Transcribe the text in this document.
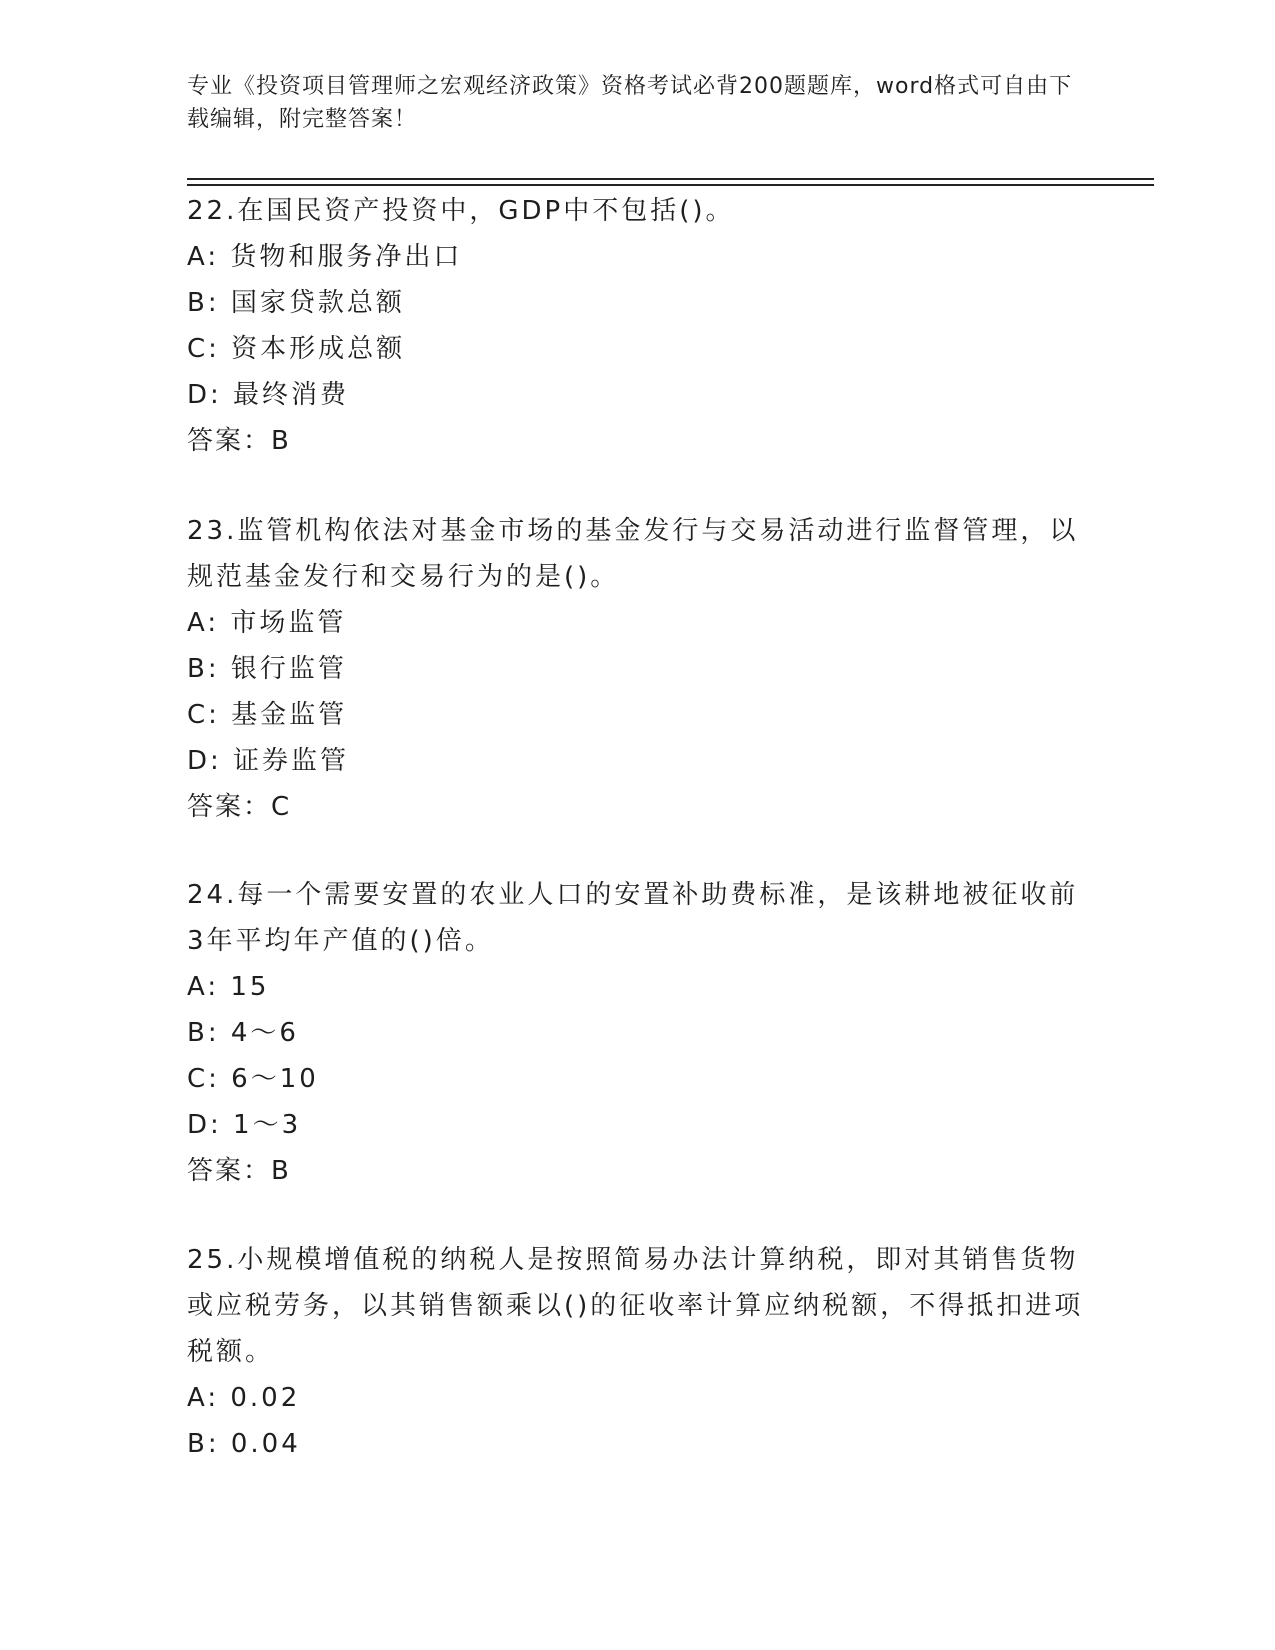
专业《投资项目管理师之宏观经济政策》资格考试必背200题题库，word格式可自由下载编辑，附完整答案！
22.在国民资产投资中，GDP中不包括()。
A: 货物和服务净出口
B: 国家贷款总额
C: 资本形成总额
D: 最终消费
答案：B
23.监管机构依法对基金市场的基金发行与交易活动进行监督管理，以规范基金发行和交易行为的是()。
A: 市场监管
B: 银行监管
C: 基金监管
D: 证券监管
答案：C
24.每一个需要安置的农业人口的安置补助费标准，是该耕地被征收前3年平均年产值的()倍。
A: 15
B: 4～6
C: 6～10
D: 1～3
答案：B
25.小规模增值税的纳税人是按照简易办法计算纳税，即对其销售货物或应税劳务，以其销售额乘以()的征收率计算应纳税额，不得抵扣进项税额。
A: 0.02
B: 0.04
